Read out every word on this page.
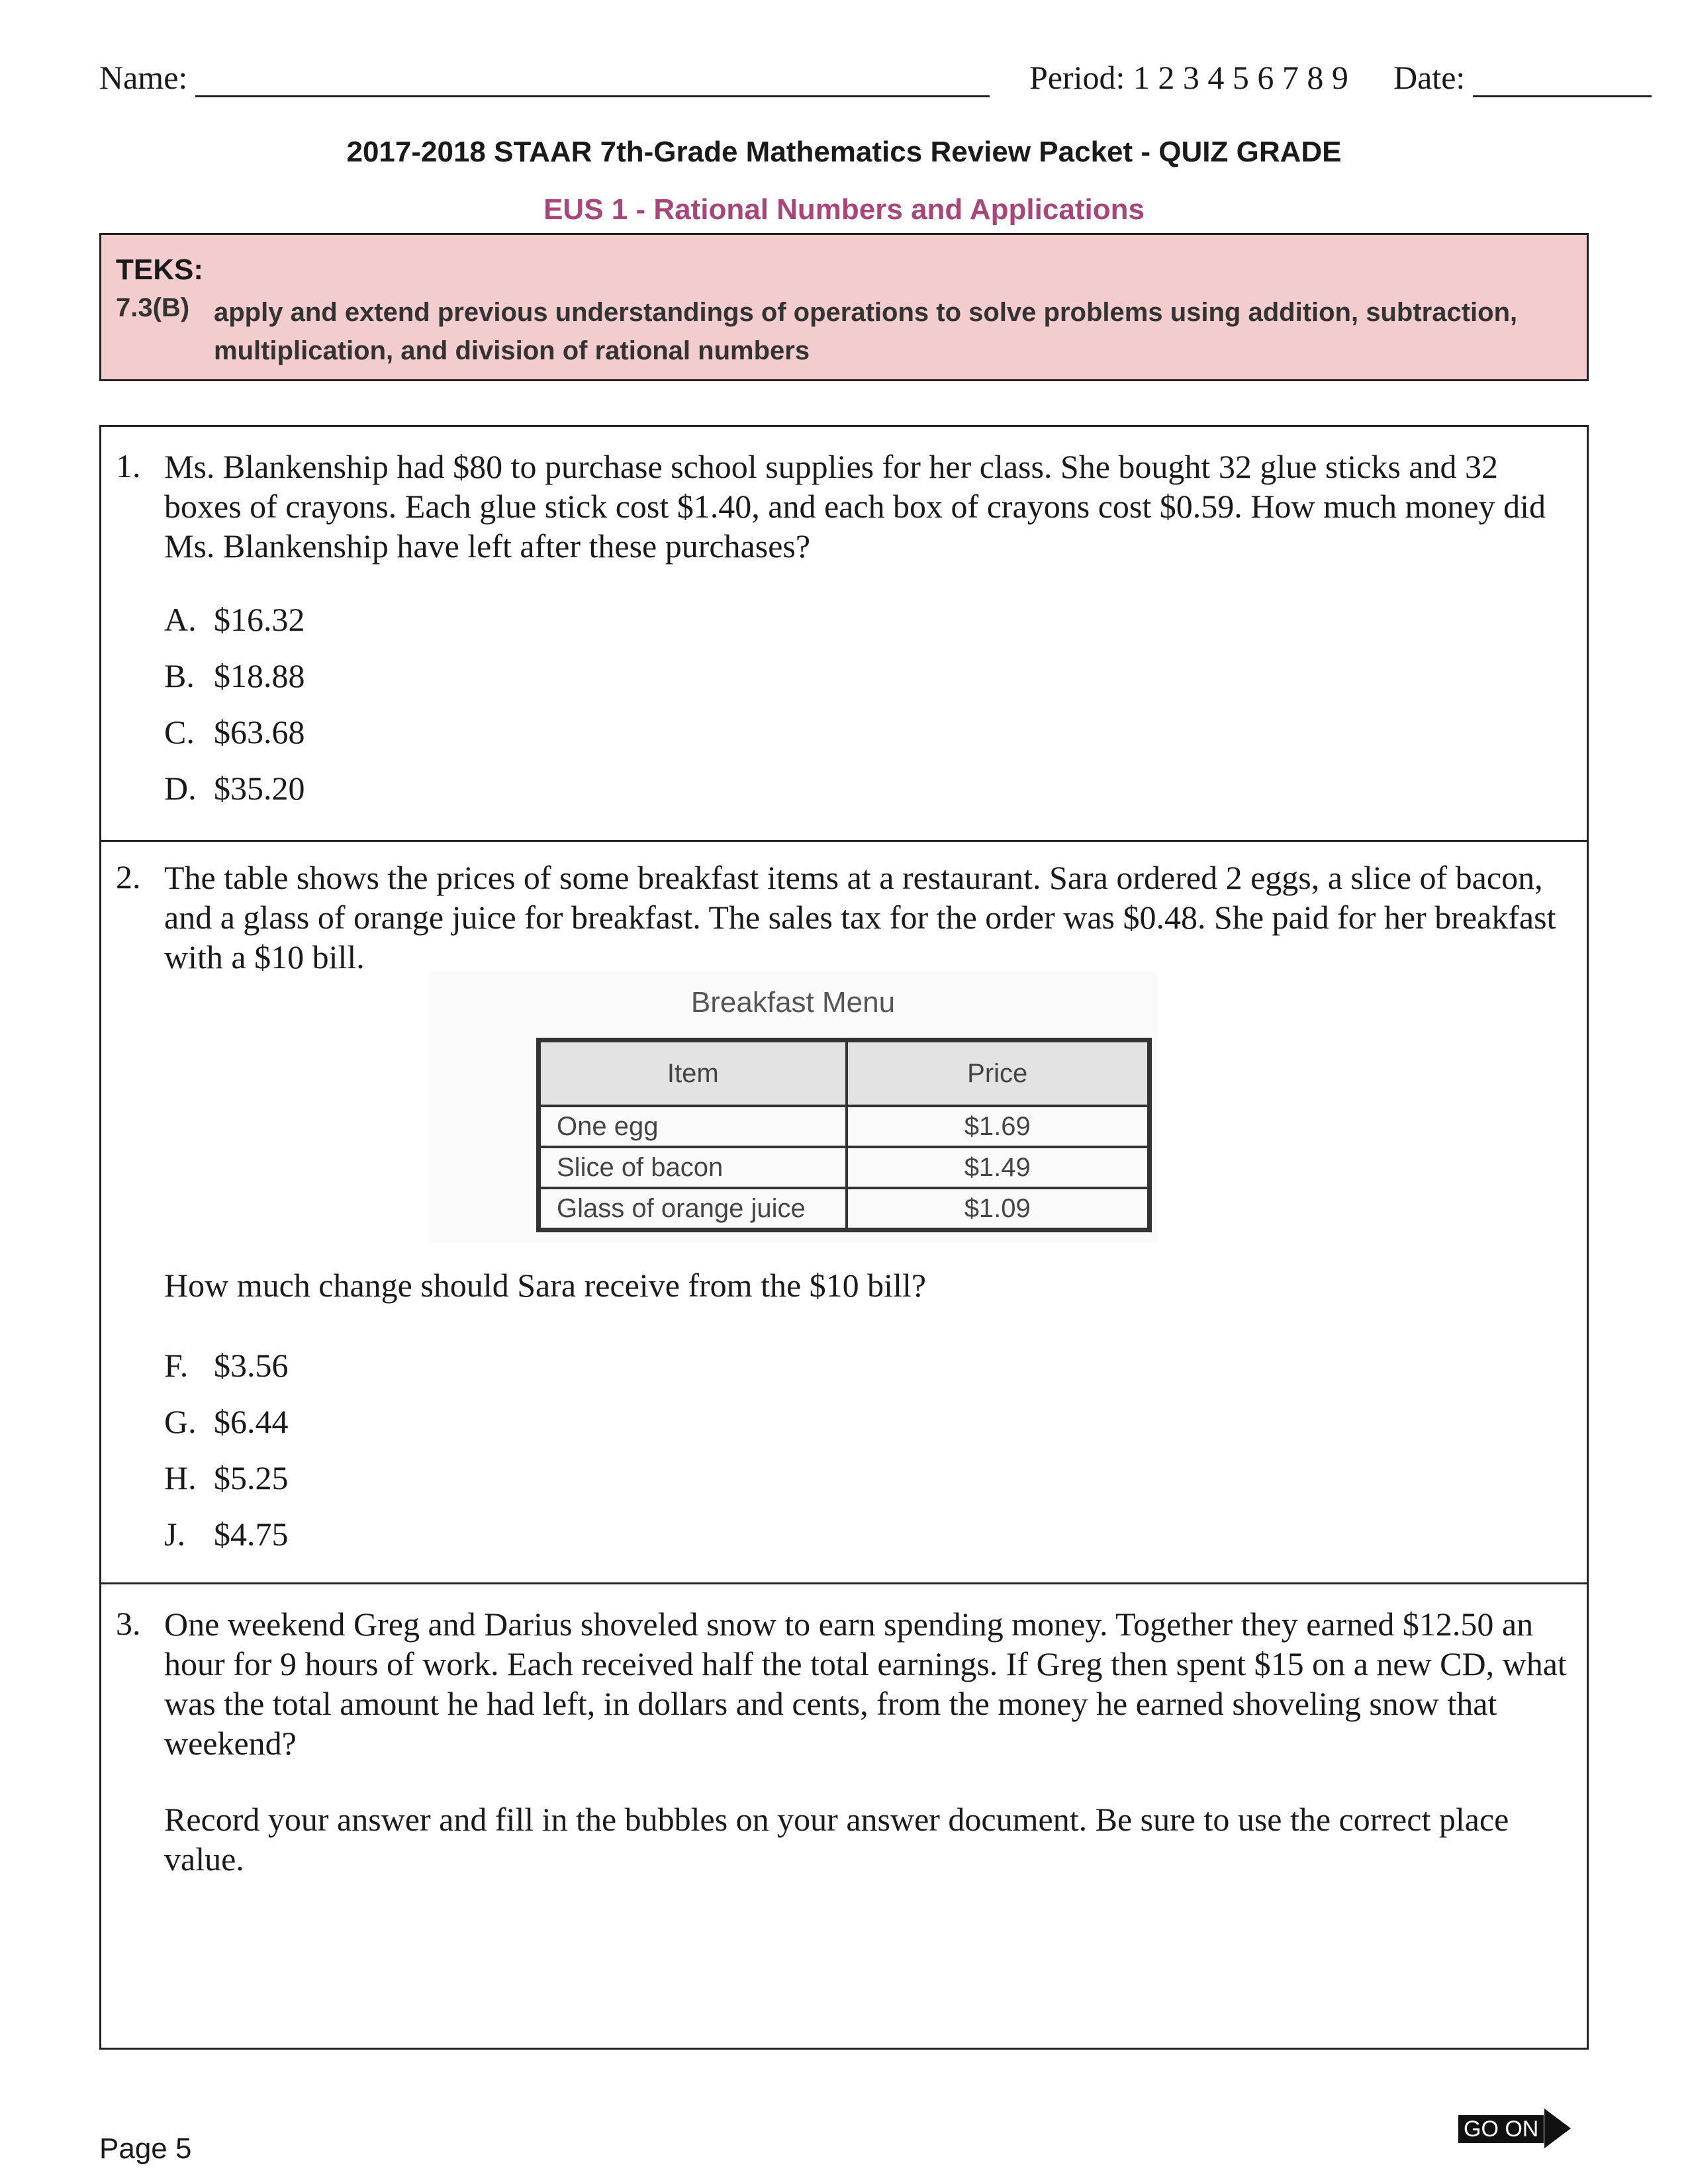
Name:	Period: 1 2 3 4 5 6 7 8 9 Date:
2017-2018 STAAR 7th-Grade Mathematics Review Packet - QUIZ GRADE
EUS 1 - Rational Numbers and Applications
TEKS:
7.3(B) apply and extend previous understandings of operations to solve problems using addition, subtraction, multiplication, and division of rational numbers
1. Ms. Blankenship had $80 to purchase school supplies for her class. She bought 32 glue sticks and 32 boxes of crayons. Each glue stick cost $1.40, and each box of crayons cost $0.59. How much money did Ms. Blankenship have left after these purchases?
A. $16.32
B. $18.88
C. $63.68
D. $35.20
2. The table shows the prices of some breakfast items at a restaurant. Sara ordered 2 eggs, a slice of bacon, and a glass of orange juice for breakfast. The sales tax for the order was $0.48. She paid for her breakfast with a $10 bill.
How much change should Sara receive from the $10 bill?
F. $3.56
G. $6.44
H. $5.25
J. $4.75
Breakfast Menu
Item	Price
One egg	$1.69
Slice of bacon	$1.49
Glass of orange juice	$1.09
3. One weekend Greg and Darius shoveled snow to earn spending money. Together they earned $12.50 an hour for 9 hours of work. Each received half the total earnings. If Greg then spent $15 on a new CD, what was the total amount he had left, in dollars and cents, from the money he earned shoveling snow that weekend?
Record your answer and fill in the bubbles on your answer document. Be sure to use the correct place value.
Page 5
GO ON
